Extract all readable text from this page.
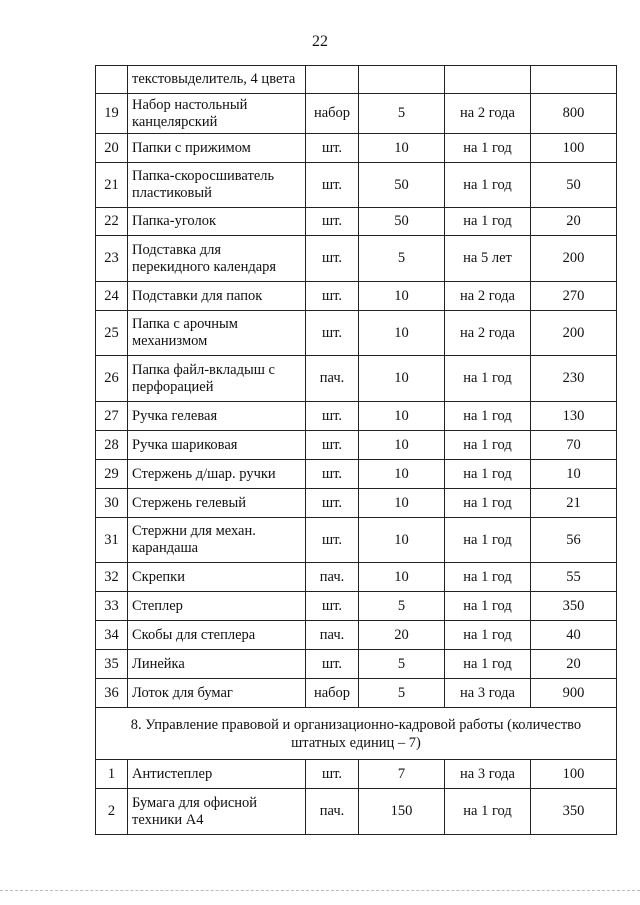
22
	текстовыделитель, 4 цвета				
19	Набор настольный канцелярский	набор	5	на 2 года	800
20	Папки с прижимом	шт.	10	на 1 год	100
21	Папка-скоросшиватель пластиковый	шт.	50	на 1 год	50
22	Папка-уголок	шт.	50	на 1 год	20
23	Подставка для перекидного календаря	шт.	5	на 5 лет	200
24	Подставки для папок	шт.	10	на 2 года	270
25	Папка с арочным механизмом	шт.	10	на 2 года	200
26	Папка файл-вкладыш с перфорацией	пач.	10	на 1 год	230
27	Ручка гелевая	шт.	10	на 1 год	130
28	Ручка шариковая	шт.	10	на 1 год	70
29	Стержень д/шар. ручки	шт.	10	на 1 год	10
30	Стержень гелевый	шт.	10	на 1 год	21
31	Стержни для механ. карандаша	шт.	10	на 1 год	56
32	Скрепки	пач.	10	на 1 год	55
33	Степлер	шт.	5	на 1 год	350
34	Скобы для степлера	пач.	20	на 1 год	40
35	Линейка	шт.	5	на 1 год	20
36	Лоток для бумаг	набор	5	на 3 года	900
8. Управление правовой и организационно-кадровой работы (количество штатных единиц – 7)					
1	Антистеплер	шт.	7	на 3 года	100
2	Бумага для офисной техники А4	пач.	150	на 1 год	350
